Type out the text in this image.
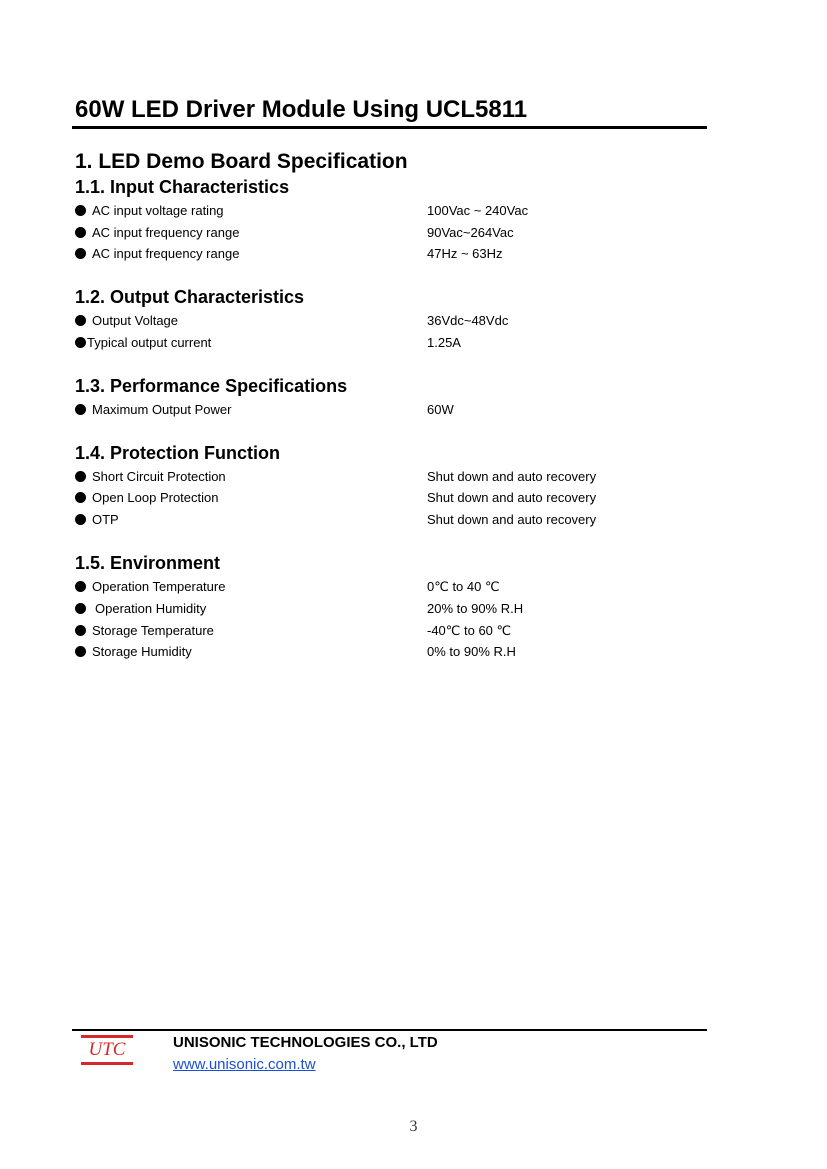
60W LED Driver Module Using UCL5811
1. LED Demo Board Specification
1.1. Input Characteristics
AC input voltage rating	100Vac ~ 240Vac
AC input frequency range	90Vac~264Vac
AC input frequency range	47Hz ~ 63Hz
1.2. Output Characteristics
Output Voltage	36Vdc~48Vdc
Typical output current	1.25A
1.3. Performance Specifications
Maximum Output Power	60W
1.4. Protection Function
Short Circuit Protection	Shut down and auto recovery
Open Loop Protection	Shut down and auto recovery
OTP	Shut down and auto recovery
1.5. Environment
Operation Temperature	0℃ to 40 ℃
Operation Humidity	20% to 90% R.H
Storage Temperature	-40℃ to 60 ℃
Storage Humidity	0% to 90% R.H
UTC	UNISONIC TECHNOLOGIES CO., LTD
www.unisonic.com.tw
3
